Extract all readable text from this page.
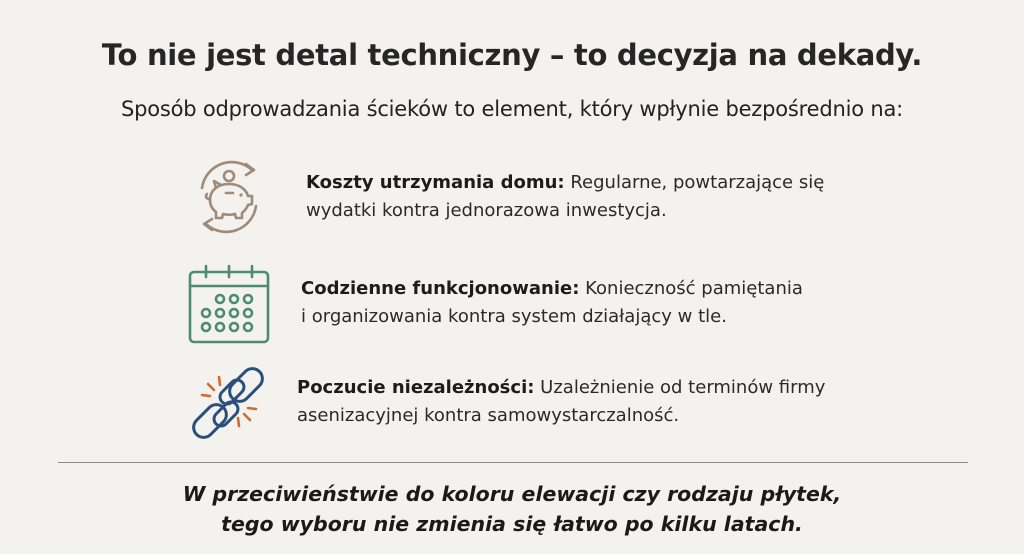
To nie jest detal techniczny – to decyzja na dekady.
Sposób odprowadzania ścieków to element, który wpłynie bezpośrednio na:
Koszty utrzymania domu: Regularne, powtarzające się
wydatki kontra jednorazowa inwestycja.
Codzienne funkcjonowanie: Konieczność pamiętania
i organizowania kontra system działający w tle.
Poczucie niezależności: Uzależnienie od terminów firmy
asenizacyjnej kontra samowystarczalność.
W przeciwieństwie do koloru elewacji czy rodzaju płytek,
tego wyboru nie zmienia się łatwo po kilku latach.
